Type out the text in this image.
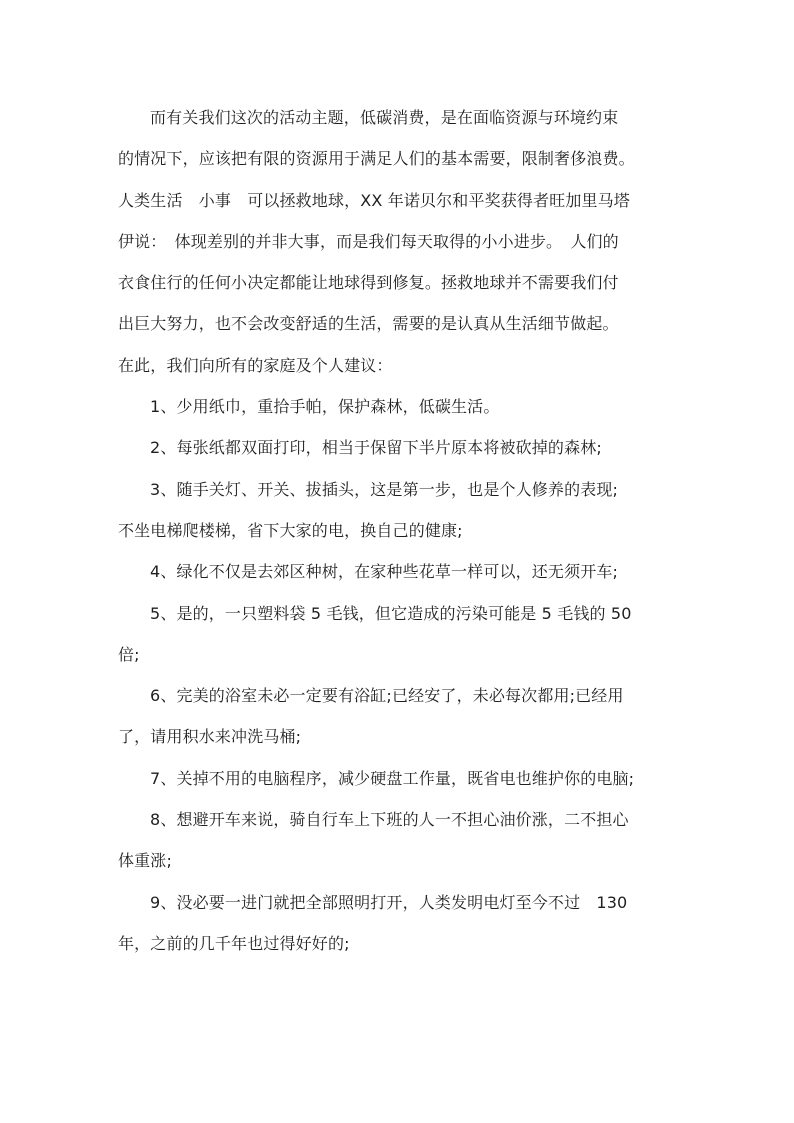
而有关我们这次的活动主题，低碳消费，是在面临资源与环境约束
的情况下，应该把有限的资源用于满足人们的基本需要，限制奢侈浪费。
人类生活　小事　可以拯救地球，XX 年诺贝尔和平奖获得者旺加里马塔
伊说：　体现差别的并非大事，而是我们每天取得的小小进步。　人们的
衣食住行的任何小决定都能让地球得到修复。拯救地球并不需要我们付
出巨大努力，也不会改变舒适的生活，需要的是认真从生活细节做起。
在此，我们向所有的家庭及个人建议：
1、少用纸巾，重拾手帕，保护森林，低碳生活。
2、每张纸都双面打印，相当于保留下半片原本将被砍掉的森林;
3、随手关灯、开关、拔插头，这是第一步，也是个人修养的表现;
不坐电梯爬楼梯，省下大家的电，换自己的健康;
4、绿化不仅是去郊区种树，在家种些花草一样可以，还无须开车;
5、是的，一只塑料袋 5 毛钱，但它造成的污染可能是 5 毛钱的 50
倍;
6、完美的浴室未必一定要有浴缸;已经安了，未必每次都用;已经用
了，请用积水来冲洗马桶;
7、关掉不用的电脑程序，减少硬盘工作量，既省电也维护你的电脑;
8、想避开车来说，骑自行车上下班的人一不担心油价涨，二不担心
体重涨;
9、没必要一进门就把全部照明打开，人类发明电灯至今不过　130
年，之前的几千年也过得好好的;
